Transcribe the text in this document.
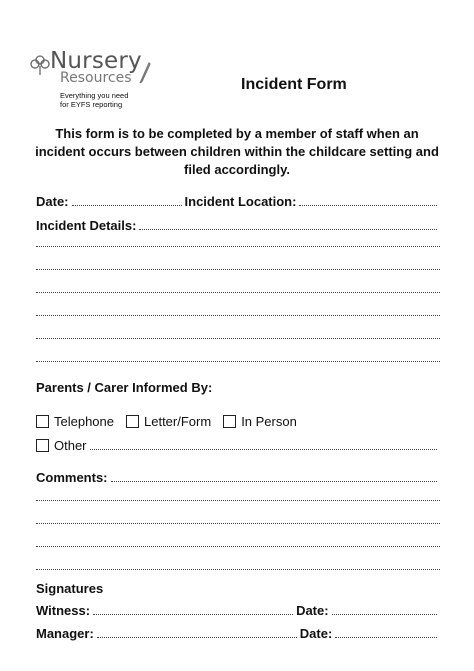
Nursery
Resources
Everything you need
for EYFS reporting
Incident Form
This form is to be completed by a member of staff when an incident occurs between children within the childcare setting and filed accordingly.
Date:	Incident Location:
Incident Details:
Parents / Carer Informed By:
Telephone Letter/Form In Person
Other
Comments:
Signatures
Witness:	Date:
Manager:	Date:
